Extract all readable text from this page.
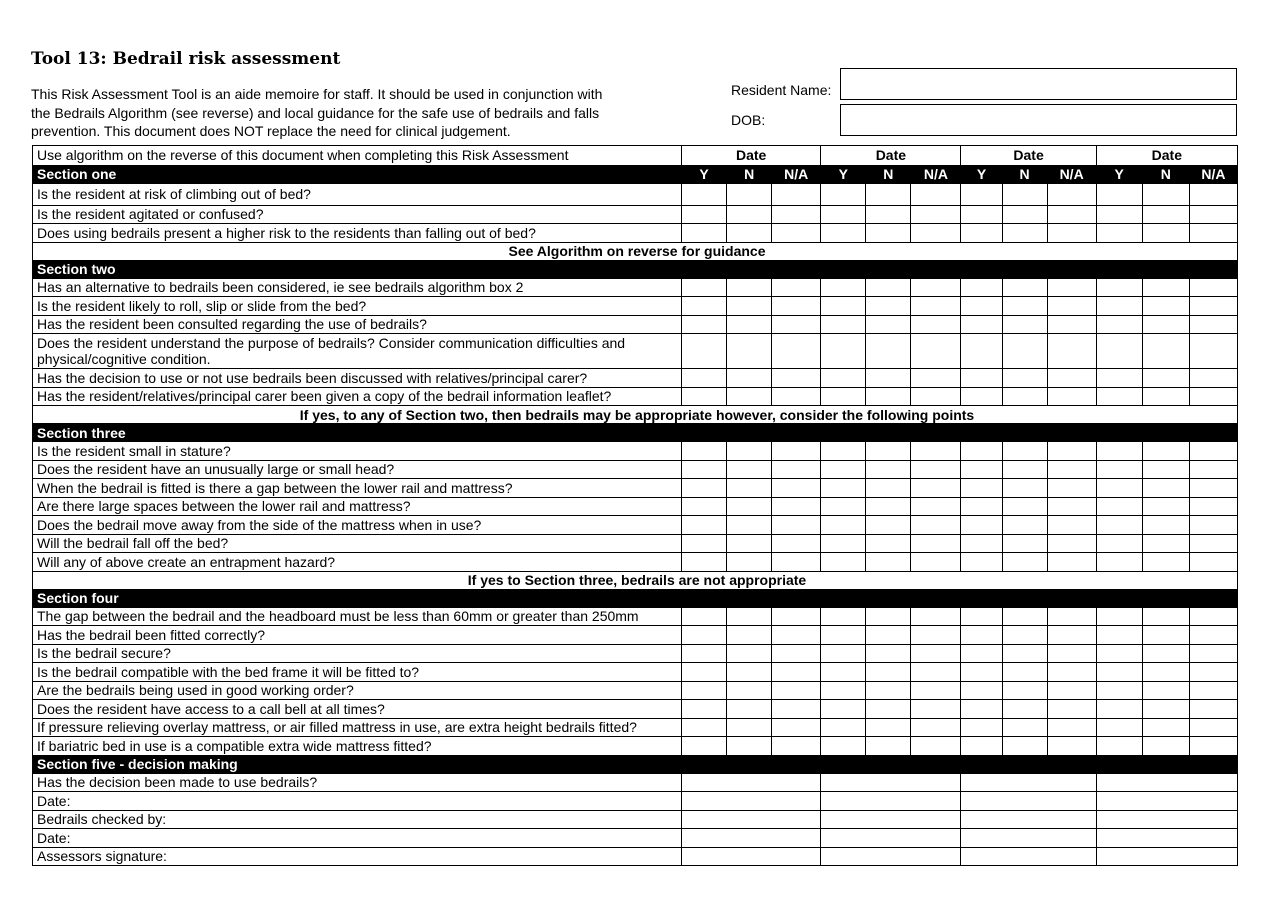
Tool 13: Bedrail risk assessment
This Risk Assessment Tool is an aide memoire for staff. It should be used in conjunction with
the Bedrails Algorithm (see reverse) and local guidance for the safe use of bedrails and falls
prevention. This document does NOT replace the need for clinical judgement.
Resident Name:
DOB:
Use algorithm on the reverse of this document when completing this Risk Assessment	Date			Date			Date			Date		
Section one	Y	N	N/A	Y	N	N/A	Y	N	N/A	Y	N	N/A
Is the resident at risk of climbing out of bed?												
Is the resident agitated or confused?												
Does using bedrails present a higher risk to the residents than falling out of bed?												
See Algorithm on reverse for guidance												
Section two												
Has an alternative to bedrails been considered, ie see bedrails algorithm box 2												
Is the resident likely to roll, slip or slide from the bed?												
Has the resident been consulted regarding the use of bedrails?												
Does the resident understand the purpose of bedrails? Consider communication difficulties and physical/cognitive condition.												
Has the decision to use or not use bedrails been discussed with relatives/principal carer?												
Has the resident/relatives/principal carer been given a copy of the bedrail information leaflet?												
If yes, to any of Section two, then bedrails may be appropriate however, consider the following points												
Section three												
Is the resident small in stature?												
Does the resident have an unusually large or small head?												
When the bedrail is fitted is there a gap between the lower rail and mattress?												
Are there large spaces between the lower rail and mattress?												
Does the bedrail move away from the side of the mattress when in use?												
Will the bedrail fall off the bed?												
Will any of above create an entrapment hazard?												
If yes to Section three, bedrails are not appropriate												
Section four												
The gap between the bedrail and the headboard must be less than 60mm or greater than 250mm												
Has the bedrail been fitted correctly?												
Is the bedrail secure?												
Is the bedrail compatible with the bed frame it will be fitted to?												
Are the bedrails being used in good working order?												
Does the resident have access to a call bell at all times?												
If pressure relieving overlay mattress, or air filled mattress in use, are extra height bedrails fitted?												
If bariatric bed in use is a compatible extra wide mattress fitted?												
Section five - decision making												
Has the decision been made to use bedrails?												
Date:												
Bedrails checked by:												
Date:												
Assessors signature:												
